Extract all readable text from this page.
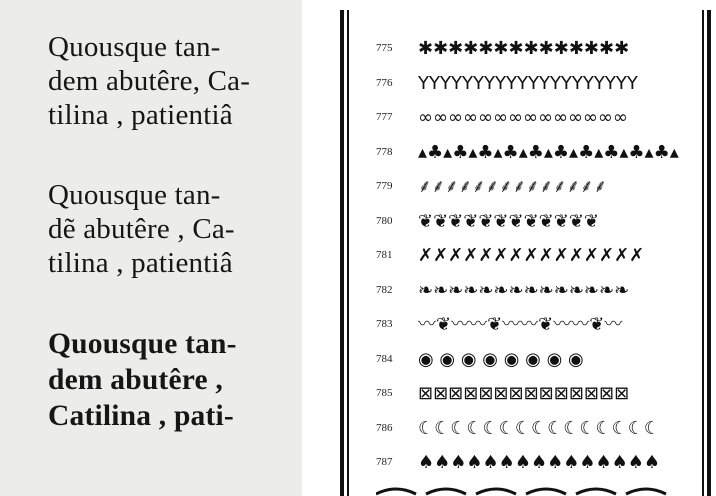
Quousque tan-
dem abutêre, Ca-
tilina , patientiâ
Quousque tan-
dẽ abutêre , Ca-
tilina , patientiâ
Quousque tan-
dem abutêre ,
Catilina , pati-
775 ✱✱✱✱✱✱✱✱✱✱✱✱✱✱
776 ΥΥΥΥΥΥΥΥΥΥΥΥΥΥΥΥΥΥΥΥ
777 ∞∞∞∞∞∞∞∞∞∞∞∞∞∞
778 ▴♣▴♣▴♣▴♣▴♣▴♣▴♣▴♣▴♣▴♣▴
779 ⸙⸙⸙⸙⸙⸙⸙⸙⸙⸙⸙⸙⸙⸙
780 ❦❦❦❦❦❦❦❦❦❦❦❦
781 ✗✗✗✗✗✗✗✗✗✗✗✗✗✗✗
782 ❧❧❧❧❧❧❧❧❧❧❧❧❧❧
783 〰❦〰〰❦〰〰❦〰〰❦〰
784 ◉ ◉ ◉ ◉ ◉ ◉ ◉ ◉
785 ⊠⊠⊠⊠⊠⊠⊠⊠⊠⊠⊠⊠⊠⊠
786 ☾☾☾☾☾☾☾☾☾☾☾☾☾☾☾
787 ♠♠♠♠♠♠♠♠♠♠♠♠♠♠♠
